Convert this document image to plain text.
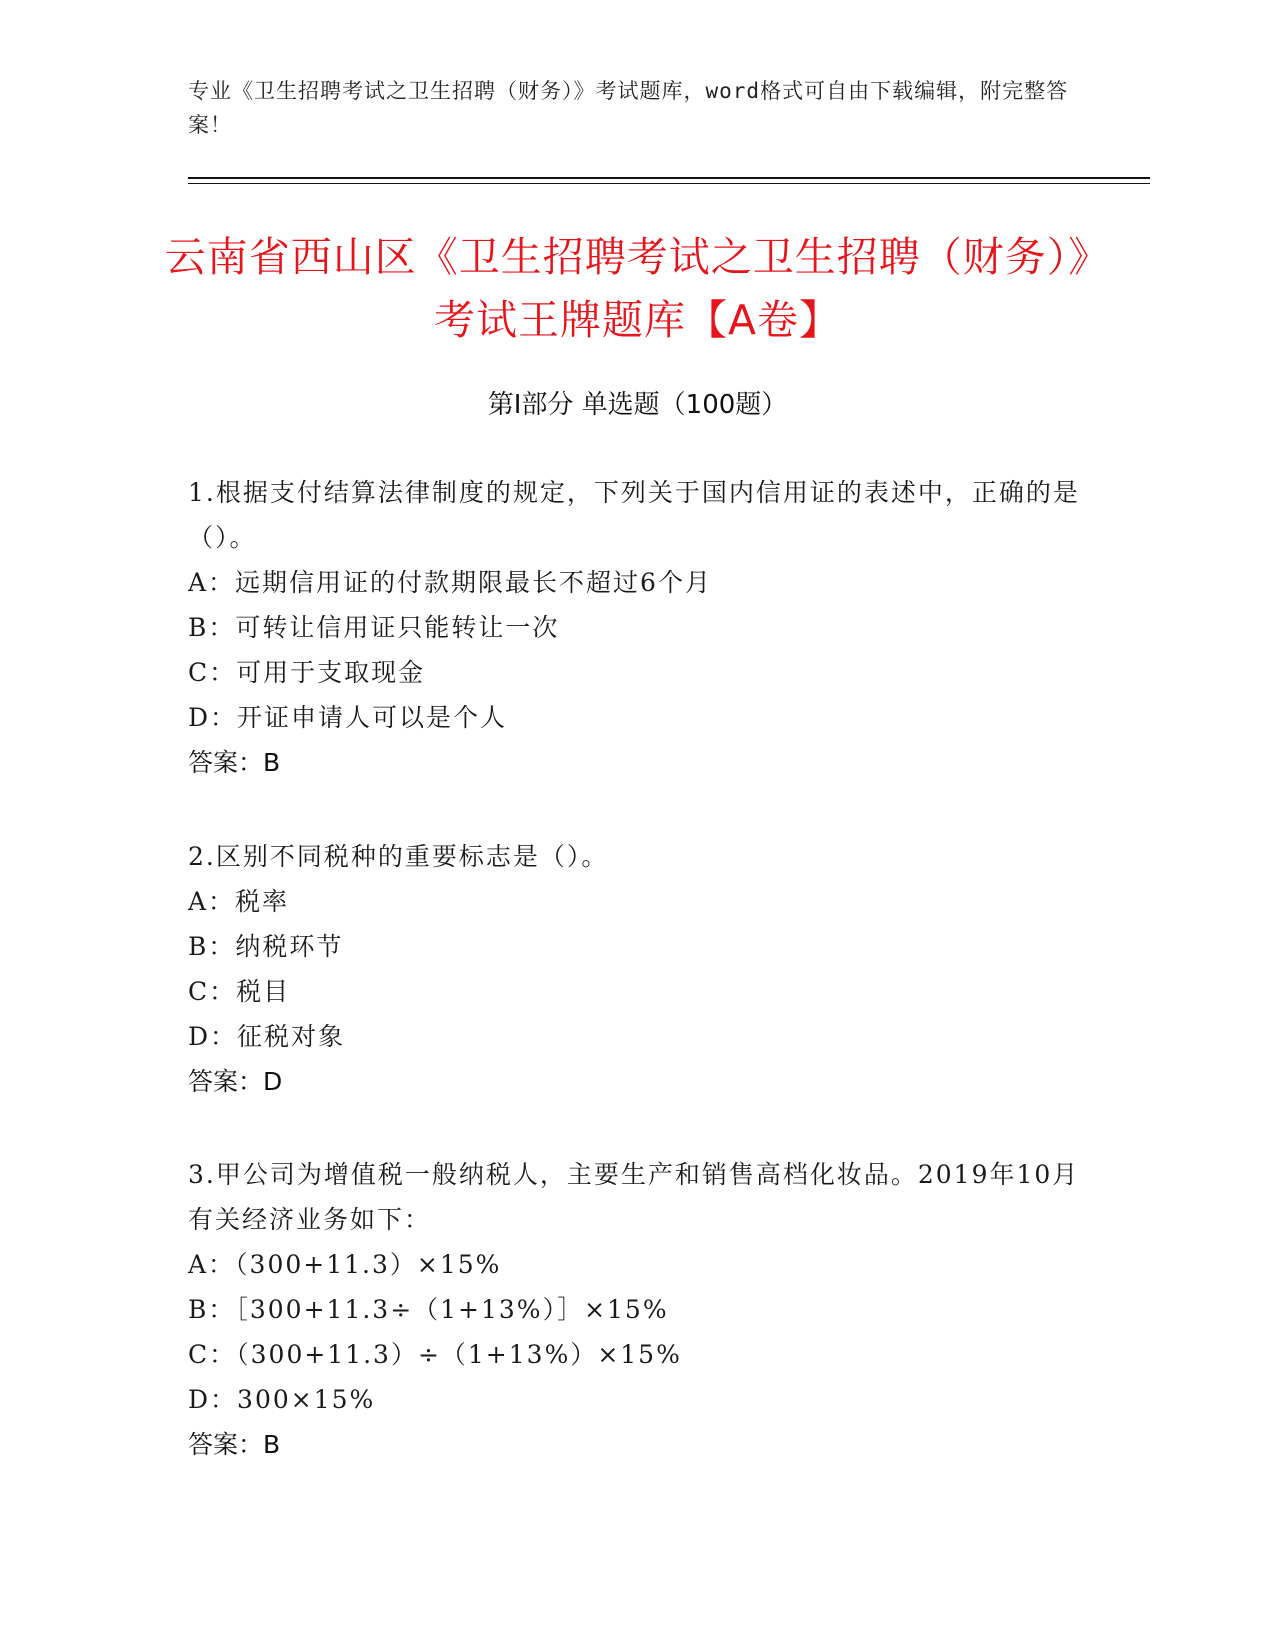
专业《卫生招聘考试之卫生招聘（财务）》考试题库，word格式可自由下载编辑，附完整答案！
云南省西山区《卫生招聘考试之卫生招聘（财务）》考试王牌题库【A卷】
第I部分 单选题（100题）
1.根据支付结算法律制度的规定，下列关于国内信用证的表述中，正确的是（）。
A：远期信用证的付款期限最长不超过6个月
B：可转让信用证只能转让一次
C：可用于支取现金
D：开证申请人可以是个人
答案：B
2.区别不同税种的重要标志是（）。
A：税率
B：纳税环节
C：税目
D：征税对象
答案：D
3.甲公司为增值税一般纳税人，主要生产和销售高档化妆品。2019年10月有关经济业务如下：
A：（300+11.3）×15%
B：［300+11.3÷（1+13%）］×15%
C：（300+11.3）÷（1+13%）×15%
D：300×15%
答案：B
